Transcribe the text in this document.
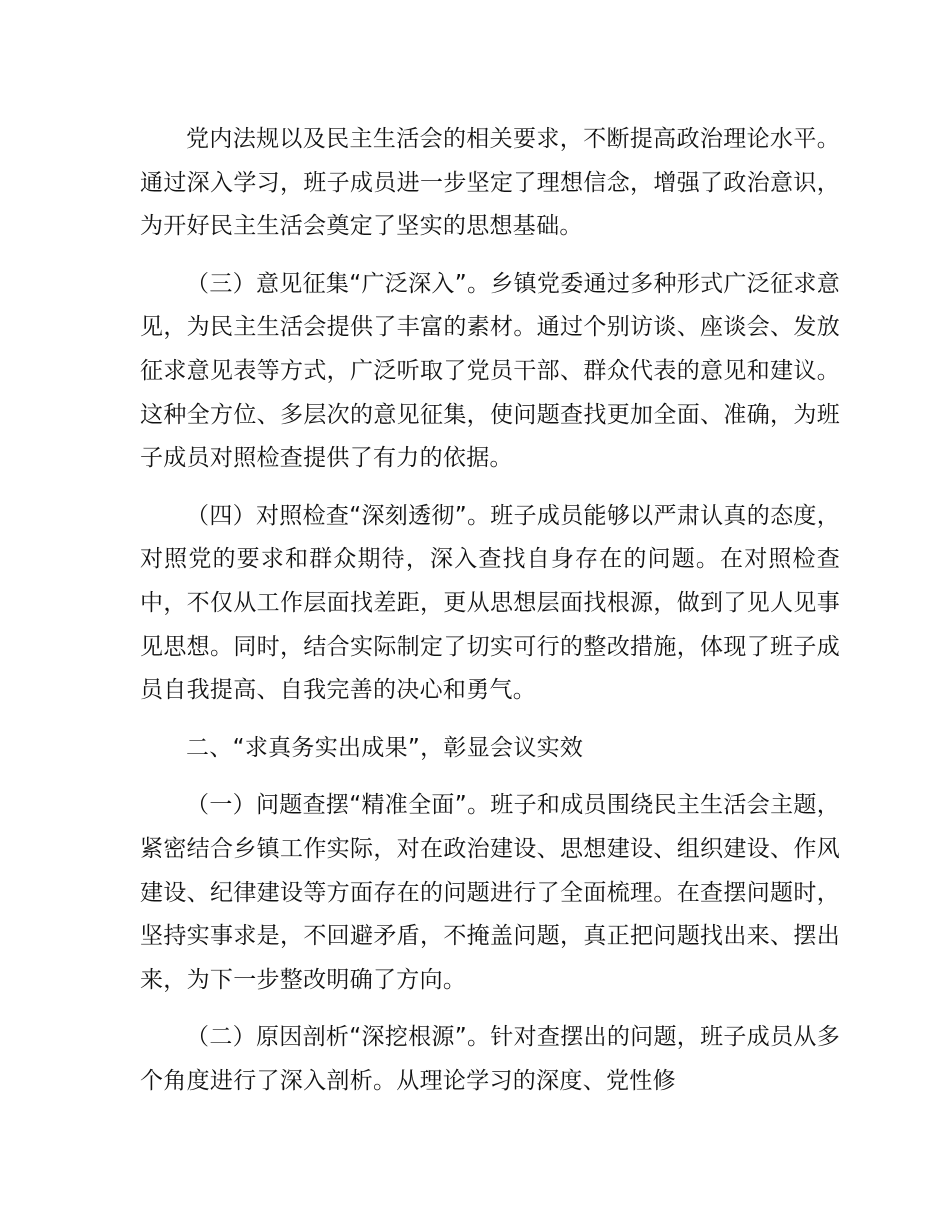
党内法规以及民主生活会的相关要求，不断提高政治理论水平。通过深入学习，班子成员进一步坚定了理想信念，增强了政治意识，为开好民主生活会奠定了坚实的思想基础。

（三）意见征集“广泛深入”。乡镇党委通过多种形式广泛征求意见，为民主生活会提供了丰富的素材。通过个别访谈、座谈会、发放征求意见表等方式，广泛听取了党员干部、群众代表的意见和建议。这种全方位、多层次的意见征集，使问题查找更加全面、准确，为班子成员对照检查提供了有力的依据。

（四）对照检查“深刻透彻”。班子成员能够以严肃认真的态度，对照党的要求和群众期待，深入查找自身存在的问题。在对照检查中，不仅从工作层面找差距，更从思想层面找根源，做到了见人见事见思想。同时，结合实际制定了切实可行的整改措施，体现了班子成员自我提高、自我完善的决心和勇气。

二、“求真务实出成果”，彰显会议实效

（一）问题查摆“精准全面”。班子和成员围绕民主生活会主题，紧密结合乡镇工作实际，对在政治建设、思想建设、组织建设、作风建设、纪律建设等方面存在的问题进行了全面梳理。在查摆问题时，坚持实事求是，不回避矛盾，不掩盖问题，真正把问题找出来、摆出来，为下一步整改明确了方向。

（二）原因剖析“深挖根源”。针对查摆出的问题，班子成员从多个角度进行了深入剖析。从理论学习的深度、党性修
